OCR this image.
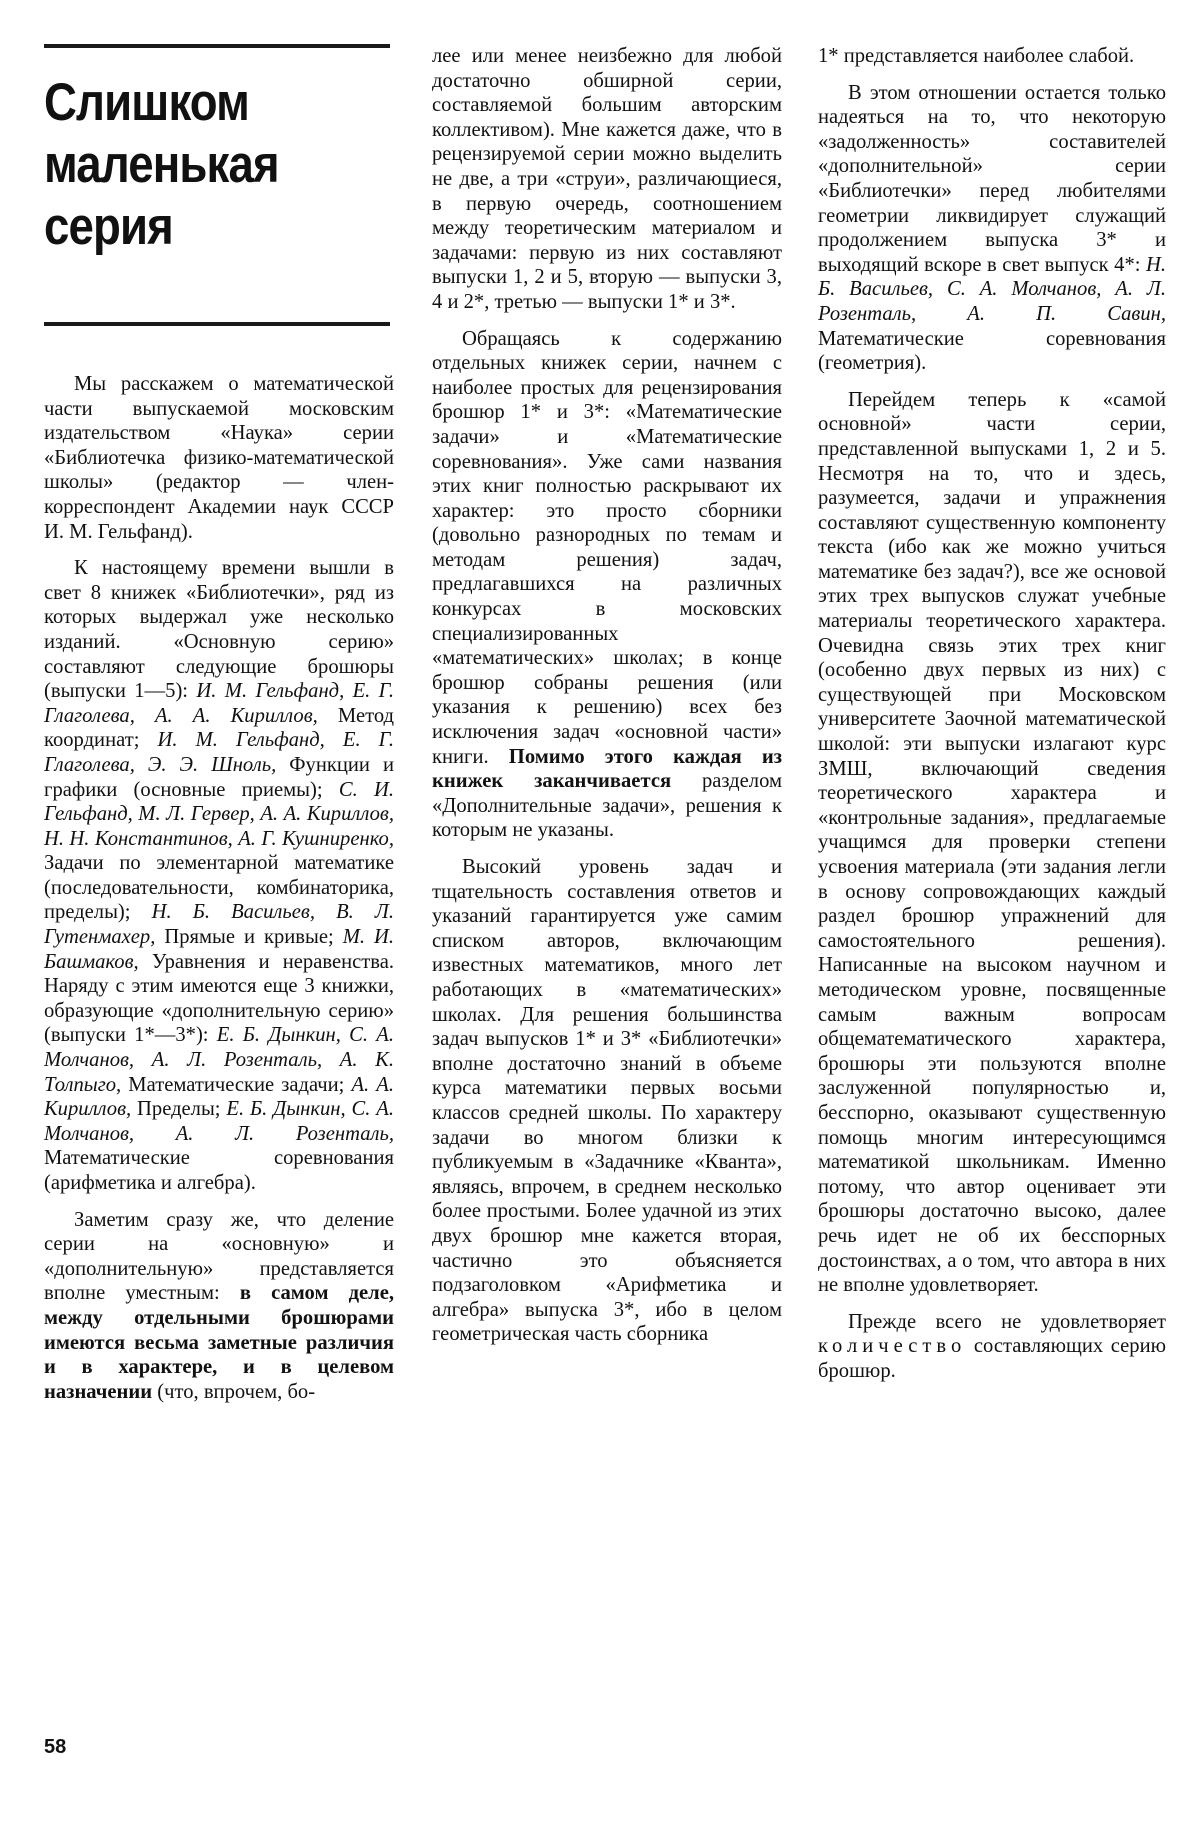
Слишком
маленькая
серия

Мы расскажем о математической части выпускаемой московским издательством «Наука» серии «Библиотечка физико-математической школы» (редактор — член-корреспондент Академии наук СССР И. М. Гельфанд).

К настоящему времени вышли в свет 8 книжек «Библиотечки», ряд из которых выдержал уже несколько изданий. «Основную серию» составляют следующие брошюры (выпуски 1—5): И. М. Гельфанд, Е. Г. Глаголева, А. А. Кириллов, Метод координат; И. М. Гельфанд, Е. Г. Глаголева, Э. Э. Шноль, Функции и графики (основные приемы); С. И. Гельфанд, М. Л. Гервер, А. А. Кириллов, Н. Н. Константинов, А. Г. Кушниренко, Задачи по элементарной математике (последовательности, комбинаторика, пределы); Н. Б. Васильев, В. Л. Гутенмахер, Прямые и кривые; М. И. Башмаков, Уравнения и неравенства. Наряду с этим имеются еще 3 книжки, образующие «дополнительную серию» (выпуски 1*—3*): Е. Б. Дынкин, С. А. Молчанов, А. Л. Розенталь, А. К. Толпыго, Математические задачи; А. А. Кириллов, Пределы; Е. Б. Дынкин, С. А. Молчанов, А. Л. Розенталь, Математические соревнования (арифметика и алгебра).

Заметим сразу же, что деление серии на «основную» и «дополнительную» представляется вполне уместным: в самом деле, между отдельными брошюрами имеются весьма заметные различия и в характере, и в целевом назначении (что, впрочем, бо-

лее или менее неизбежно для любой достаточно обширной серии, составляемой большим авторским коллективом). Мне кажется даже, что в рецензируемой серии можно выделить не две, а три «струи», различающиеся, в первую очередь, соотношением между теоретическим материалом и задачами: первую из них составляют выпуски 1, 2 и 5, вторую — выпуски 3, 4 и 2*, третью — выпуски 1* и 3*.

Обращаясь к содержанию отдельных книжек серии, начнем с наиболее простых для рецензирования брошюр 1* и 3*: «Математические задачи» и «Математические соревнования». Уже сами названия этих книг полностью раскрывают их характер: это просто сборники (довольно разнородных по темам и методам решения) задач, предлагавшихся на различных конкурсах в московских специализированных «математических» школах; в конце брошюр собраны решения (или указания к решению) всех без исключения задач «основной части» книги. Помимо этого каждая из книжек заканчивается разделом «Дополнительные задачи», решения к которым не указаны.

Высокий уровень задач и тщательность составления ответов и указаний гарантируется уже самим списком авторов, включающим известных математиков, много лет работающих в «математических» школах. Для решения большинства задач выпусков 1* и 3* «Библиотечки» вполне достаточно знаний в объеме курса математики первых восьми классов средней школы. По характеру задачи во многом близки к публикуемым в «Задачнике «Кванта», являясь, впрочем, в среднем несколько более простыми. Более удачной из этих двух брошюр мне кажется вторая, частично это объясняется подзаголовком «Арифметика и алгебра» выпуска 3*, ибо в целом геометрическая часть сборника

1* представляется наиболее слабой.

В этом отношении остается только надеяться на то, что некоторую «задолженность» составителей «дополнительной» серии «Библиотечки» перед любителями геометрии ликвидирует служащий продолжением выпуска 3* и выходящий вскоре в свет выпуск 4*: Н. Б. Васильев, С. А. Молчанов, А. Л. Розенталь, А. П. Савин, Математические соревнования (геометрия).

Перейдем теперь к «самой основной» части серии, представленной выпусками 1, 2 и 5. Несмотря на то, что и здесь, разумеется, задачи и упражнения составляют существенную компоненту текста (ибо как же можно учиться математике без задач?), все же основой этих трех выпусков служат учебные материалы теоретического характера. Очевидна связь этих трех книг (особенно двух первых из них) с существующей при Московском университете Заочной математической школой: эти выпуски излагают курс ЗМШ, включающий сведения теоретического характера и «контрольные задания», предлагаемые учащимся для проверки степени усвоения материала (эти задания легли в основу сопровождающих каждый раздел брошюр упражнений для самостоятельного решения). Написанные на высоком научном и методическом уровне, посвященные самым важным вопросам общематематического характера, брошюры эти пользуются вполне заслуженной популярностью и, бесспорно, оказывают существенную помощь многим интересующимся математикой школьникам. Именно потому, что автор оценивает эти брошюры достаточно высоко, далее речь идет не об их бесспорных достоинствах, а о том, что автора в них не вполне удовлетворяет.

Прежде всего не удовлетворяет количество составляющих серию брошюр.

58
